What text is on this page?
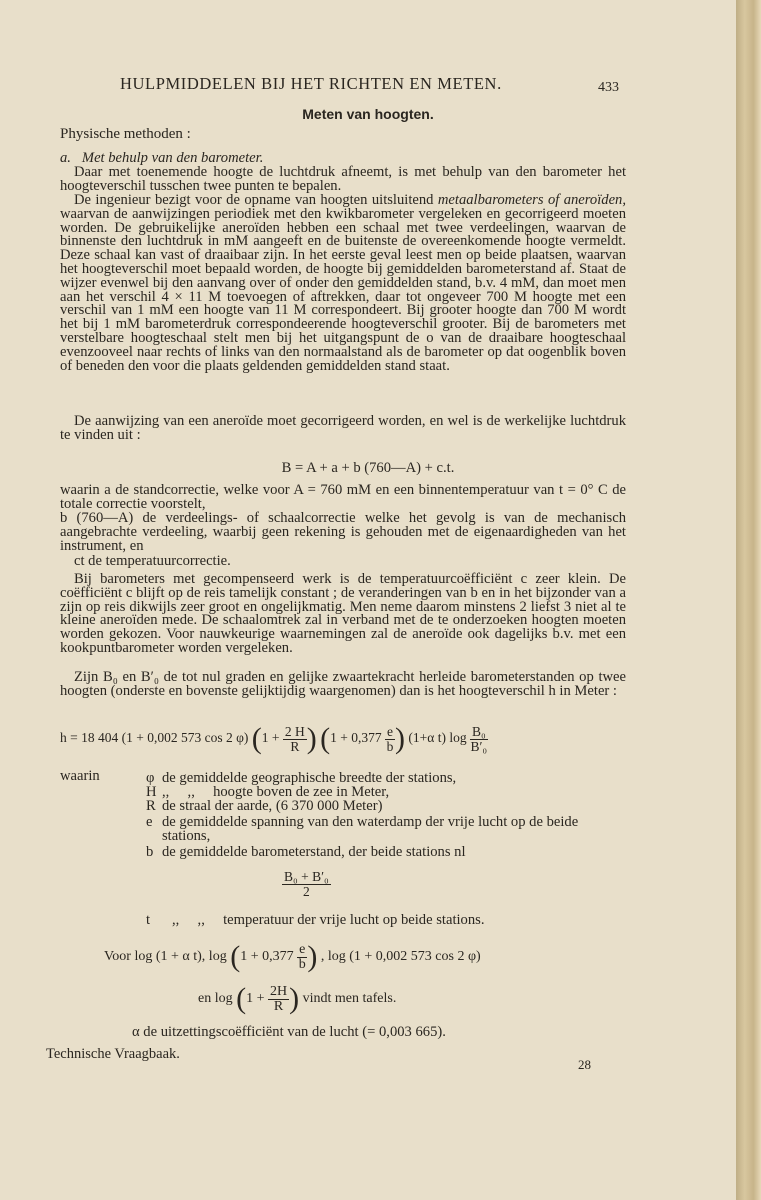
HULPMIDDELEN BIJ HET RICHTEN EN METEN.	433
Meten van hoogten.
Physische methoden :
a. Met behulp van den barometer.

Daar met toenemende hoogte de luchtdruk afneemt, is met behulp van den barometer het hoogteverschil tusschen twee punten te bepalen.

De ingenieur bezigt voor de opname van hoogten uitsluitend metaalbarometers of aneroïden, waarvan de aanwijzingen periodiek met den kwikbarometer vergeleken en gecorrigeerd moeten worden. De gebruikelijke aneroïden hebben een schaal met twee verdeelingen, waarvan de binnenste den luchtdruk in mM aangeeft en de buitenste de overeenkomende hoogte vermeldt. Deze schaal kan vast of draaibaar zijn. In het eerste geval leest men op beide plaatsen, waarvan het hoogteverschil moet bepaald worden, de hoogte bij gemiddelden barometerstand af. Staat de wijzer evenwel bij den aanvang over of onder den gemiddelden stand, b.v. 4 mM, dan moet men aan het verschil 4 × 11 M toevoegen of aftrekken, daar tot ongeveer 700 M hoogte met een verschil van 1 mM een hoogte van 11 M correspondeert. Bij grooter hoogte dan 700 M wordt het bij 1 mM barometerdruk correspondeerende hoogteverschil grooter. Bij de barometers met verstelbare hoogteschaal stelt men bij het uitgangspunt de o van de draaibare hoogteschaal evenzooveel naar rechts of links van den normaalstand als de barometer op dat oogenblik boven of beneden den voor die plaats geldenden gemiddelden stand staat.

De aanwijzing van een aneroïde moet gecorrigeerd worden, en wel is de werkelijke luchtdruk te vinden uit :

B = A + a + b (760—A) + c.t.

waarin a de standcorrectie, welke voor A = 760 mM en een binnentemperatuur van t = 0° C de totale correctie voorstelt,

b (760—A) de verdeelings- of schaalcorrectie welke het gevolg is van de mechanisch aangebrachte verdeeling, waarbij geen rekening is gehouden met de eigenaardigheden van het instrument, en

ct de temperatuurcorrectie.

Bij barometers met gecompenseerd werk is de temperatuurcoëfficiënt c zeer klein. De coëfficiënt c blijft op de reis tamelijk constant ; de veranderingen van b en in het bijzonder van a zijn op reis dikwijls zeer groot en ongelijkmatig. Men neme daarom minstens 2 liefst 3 niet al te kleine aneroïden mede. De schaalomtrek zal in verband met de te onderzoeken hoogten moeten worden gekozen. Voor nauwkeurige waarnemingen zal de aneroïde ook dagelijks b.v. met een kookpuntbarometer worden vergeleken.

Zijn B₀ en B′₀ de tot nul graden en gelijke zwaartekracht herleide barometerstanden op twee hoogten (onderste en bovenste gelijktijdig waargenomen) dan is het hoogteverschil h in Meter :

h = 18 404 (1 + 0,002 573 cos 2 φ) ($1 + \frac{2 H}{R}$ ) ($1 + 0,377 \frac{e}{b}$ ) (1+α t) $\log \frac{\text{B₀}}{\text{B′₀}}$
waarin	φ de gemiddelde geographische breedte der stations,
H ,,     ,,     hoogte boven de zee in Meter,
R de straal der aarde, (6 370 000 Meter)
e de gemiddelde spanning van den waterdamp der vrije lucht op de beide stations,
b de gemiddelde barometerstand, der beide stations nl
$\frac{\text{B₀ + B′₀}}{2}$
t ,,     ,,     temperatuur der vrije lucht op beide stations.
Voor log (1 + α t), $\log (1 + 0,377 \frac{e}{b}$ ) , log (1 + 0,002 573 cos 2 φ)
en $\log (1 + \frac{2H}{R}$ ) vindt men tafels.
α de uitzettingscoëfficiënt van de lucht (= 0,003 665).
Technische Vraagbaak.
28
